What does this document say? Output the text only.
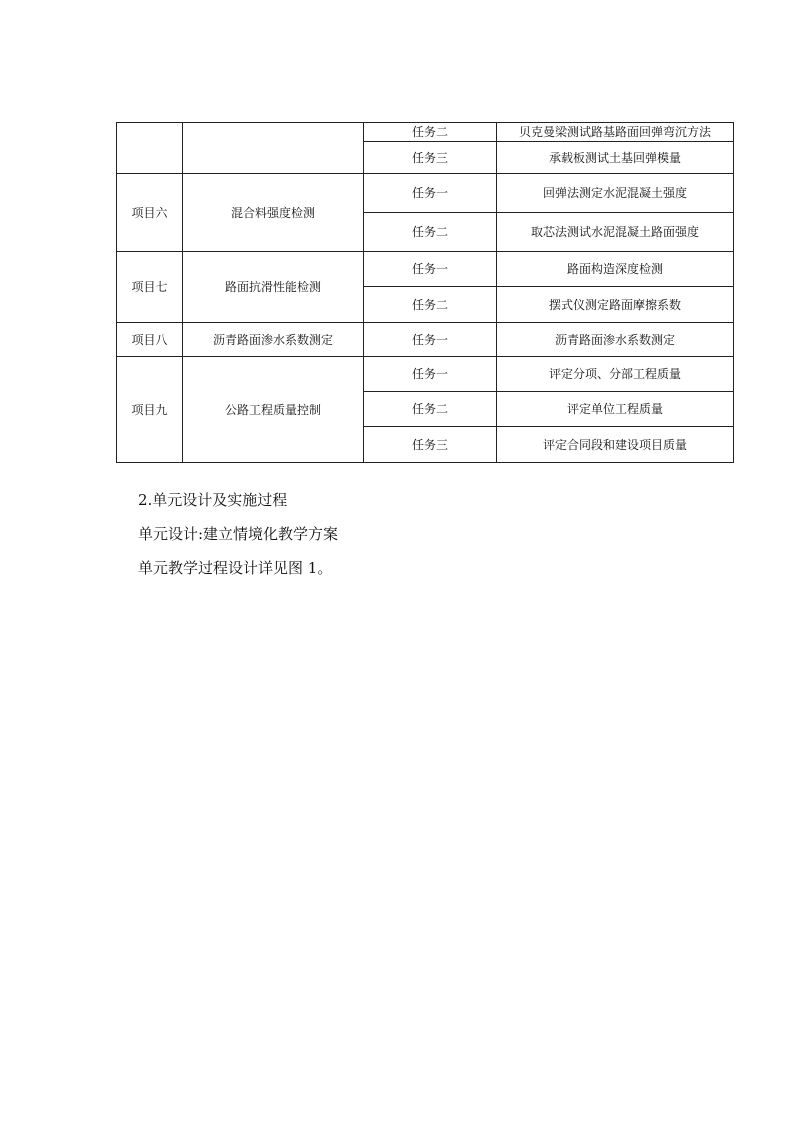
		任务二	贝克曼梁测试路基路面回弹弯沉方法
		任务三	承载板测试土基回弹模量
项目六	混合料强度检测	任务一	回弹法测定水泥混凝土强度
		任务二	取芯法测试水泥混凝土路面强度
项目七	路面抗滑性能检测	任务一	路面构造深度检测
		任务二	摆式仪测定路面摩擦系数
项目八	沥青路面渗水系数测定	任务一	沥青路面渗水系数测定
项目九	公路工程质量控制	任务一	评定分项、分部工程质量
		任务二	评定单位工程质量
		任务三	评定合同段和建设项目质量
2.单元设计及实施过程
单元设计:建立情境化教学方案
单元教学过程设计详见图 1。
